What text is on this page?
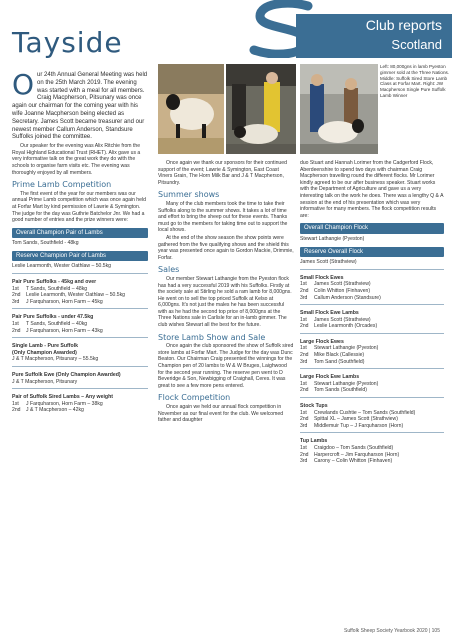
Tayside
Club reports
Scotland
Left: 80,000gns in lamb Pyeston gimmer sold at the Three Nations. Middle: Suffolk Sired Store Lamb Class at Forfar Mart. Right: JW Macpherson Single Pure Suffolk Lamb Winner

Our 24th Annual General Meeting was held on the 25th March 2019. The evening was started with a meal for all members. Craig Macpherson, Pitsunary was once again our chairman for the coming year with his wife Joanne Macpherson being elected as Secretary. James Scott became treasurer and our newest member Callum Anderson, Standsure Suffolks joined the committee.

Our speaker for the evening was Alix Ritchie from the Royal Highland Educational Trust (RHET). Alix gave us a very informative talk on the great work they do with the schools to organise farm visits etc. The evening was thoroughly enjoyed by all members.

Prime Lamb Competition

The first event of the year for our members was our annual Prime Lamb competition which was once again held at Forfar Mart by kind permission of Lawrie & Symington. The judge for the day was Guthrie Batchelor Jnr. We had a good number of entries and the prize winners were:

Overall Champion Pair of Lambs
Tom Sands, Southfield - 48kg
Reserve Champion Pair of Lambs
Leslie Learmonth, Wester Oathlaw – 50.5kg
Pair Pure Suffolks - 45kg and over
1st	T Sands, Southfield – 48kg
2nd	Leslie Learmonth, Wester Oathlaw – 50.5kg
3rd	J Farquharson, Horn Farm – 45kg
Pair Pure Suffolks - under 47.5kg
1st	T Sands, Southfield – 40kg
2nd	J Farquharson, Horn Farm – 43kg
Single Lamb - Pure Suffolk
(Only Champion Awarded)
J & T Macpherson, Pitsunary – 55.5kg
Pure Suffolk Ewe (Only Champion Awarded)
J & T Macpherson, Pitsunary
Pair of Suffolk Sired Lambs – Any weight
1st	J Farquharson, Horn Farm – 38kg
2nd	J & T Macpherson – 42kg

Once again we thank our sponsors for their continued support of the event; Lawrie & Symington, East Coast Viners Grain, The Horn Milk Bar and J & T Macpherson, Pitsundry.

Summer shows

Many of the club members took the time to take their Suffolks along to the summer shows. It takes a lot of time and effort to bring the sheep out for these events. Thanks must go to the members for taking time out to support the local shows.

At the end of the show season the show points were gathered from the five qualifying shows and the shield this year was presented once again to Gordon Mackie, Drimmie, Forfar.

Sales

Our member Stewart Lathangie from the Pyeston flock has had a very successful 2019 with his Suffolks. Firstly at the society sale at Stirling he sold a ram lamb for 8,000gns. He went on to sell the top priced Suffolk at Kelso at 6,000gns. It's not just the males he has been successful with as he had the second top price of 8,000gns at the Three Nations sale in Carlisle for an in-lamb gimmer. The club wishes Stewart all the best for the future.

Store Lamb Show and Sale

Once again the club sponsored the show of Suffolk sired store lambs at Forfar Mart. The Judge for the day was Dunc Beaton. Our Chairman Craig presented the winnings for the Champion pen of 20 lambs to W & W Bruges, Laighwood for the second year running. The reserve pen went to D Beveridge & Son, Newbigging of Craighall, Ceres. It was great to see a few more pens entered.

Flock Competition

Once again we held our annual flock competition in November as our final event for the club. We welcomed father and daughter

duo Stuart and Hannah Lorimer from the Cadgerford Flock, Aberdeenshire to spend two days with chairman Craig Macpherson travelling round the different flocks. Mr Lorimer kindly agreed to be our after business speaker. Stuart works with the Department of Agriculture and gave us a very interesting talk on the work he does. There was a lengthy Q & A session at the end of his presentation which was very informative for many members. The flock competition results are:

Overall Champion Flock
Stewart Lathangie (Pyeston)
Reserve Overall Flock
James Scott (Strathview)
Small Flock Ewes
1st	James Scott (Strathview)
2nd	Colin Whitton (Finhaven)
3rd	Callum Anderson (Standsure)
Small Flock Ewe Lambs
1st	James Scott (Strathview)
2nd	Leslie Learmonth (Orcades)
Large Flock Ewes
1st	Stewart Lathangie (Pyeston)
2nd	Mike Black (Callessie)
3rd	Tom Sand (Southfield)
Large Flock Ewe Lambs
1st	Stewart Lathangie (Pyeston)
2nd	Tom Sands (Southfield)
Stock Tups
1st	Crewlands Cushtie – Tom Sands (Southfield)
2nd	Spittal XL – James Scott (Strathview)
3rd	Middlemuir Tup – J Farquharson (Horn)
Tup Lambs
1st	Craigdoo – Tom Sands (Southfield)
2nd	Harpercroft – Jim Farquharson (Horn)
3rd	Carony – Colin Whitton (Finhaven)
Suffolk Sheep Society Yearbook 2020 | 105
